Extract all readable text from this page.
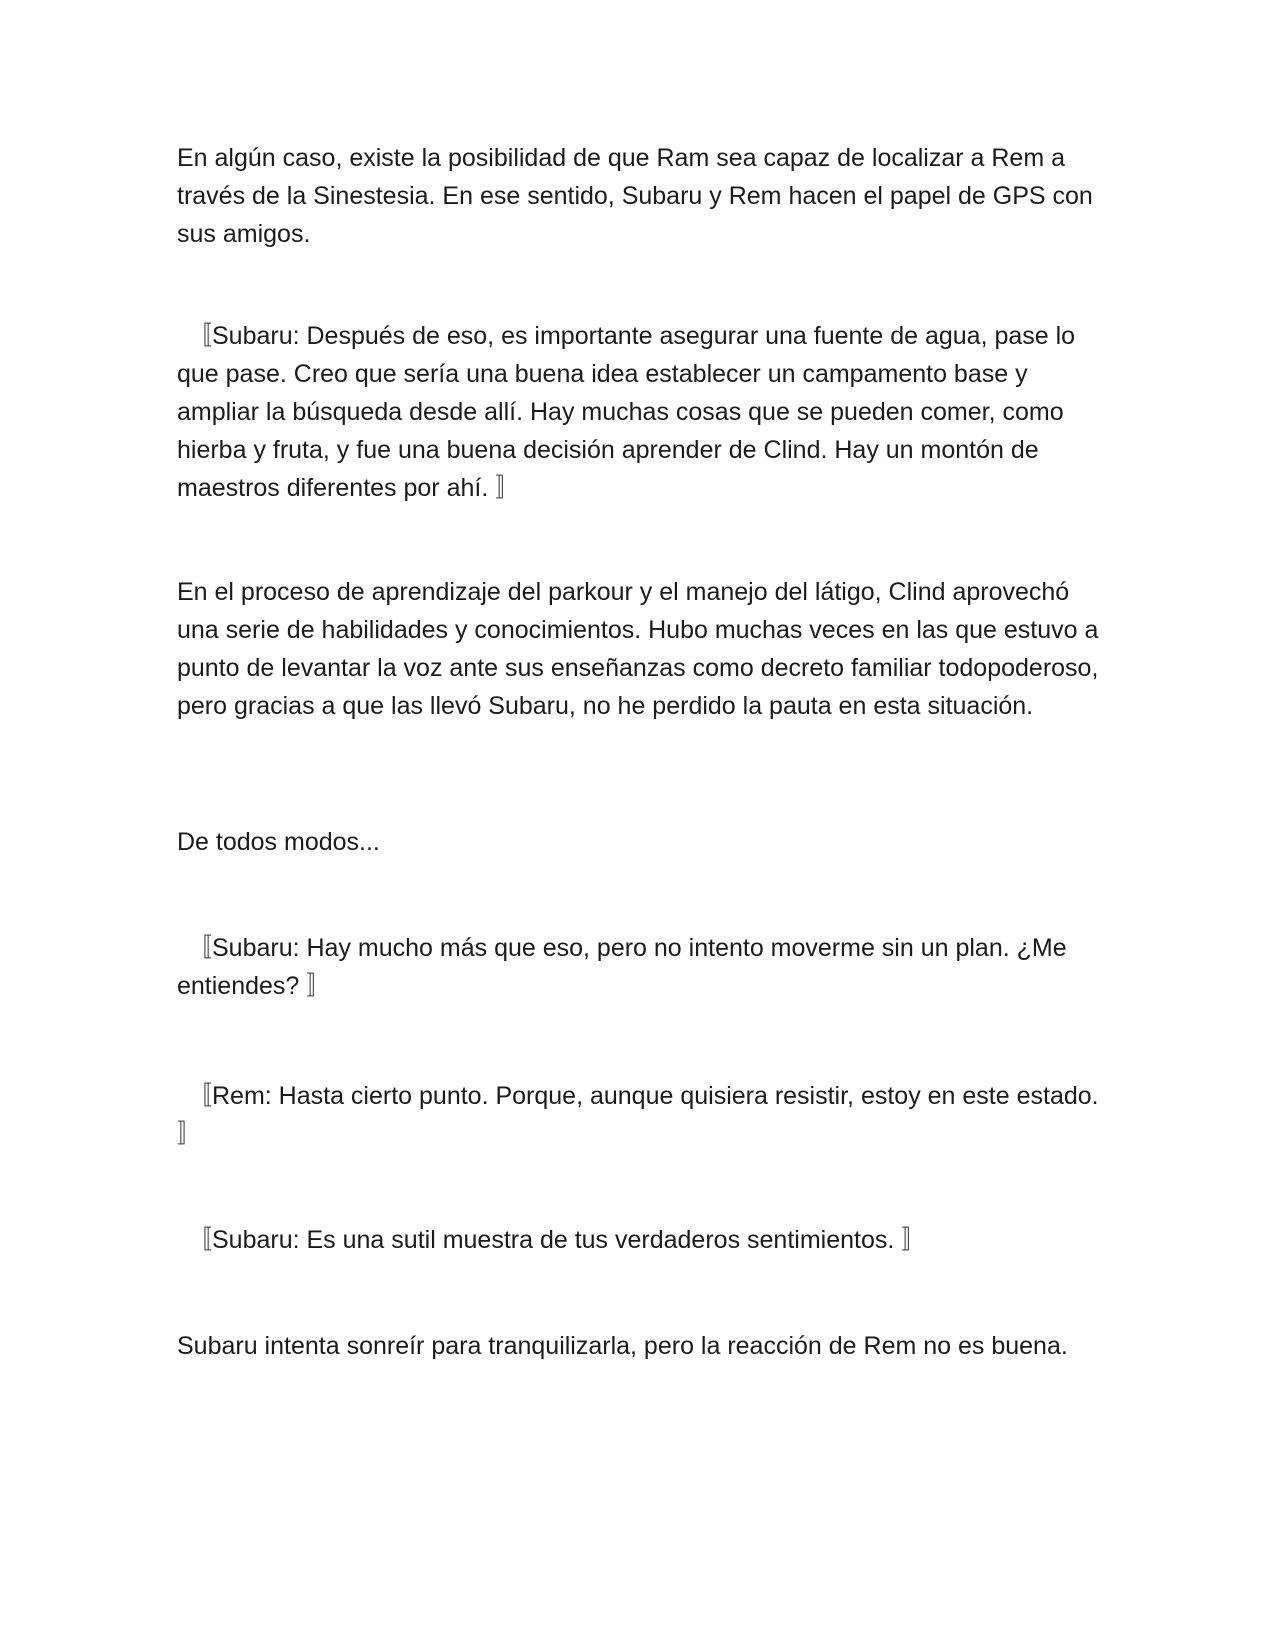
En algún caso, existe la posibilidad de que Ram sea capaz de localizar a Rem a través de la Sinestesia. En ese sentido, Subaru y Rem hacen el papel de GPS con sus amigos.

〚Subaru: Después de eso, es importante asegurar una fuente de agua, pase lo que pase. Creo que sería una buena idea establecer un campamento base y ampliar la búsqueda desde allí. Hay muchas cosas que se pueden comer, como hierba y fruta, y fue una buena decisión aprender de Clind. Hay un montón de maestros diferentes por ahí. 〛

En el proceso de aprendizaje del parkour y el manejo del látigo, Clind aprovechó una serie de habilidades y conocimientos. Hubo muchas veces en las que estuvo a punto de levantar la voz ante sus enseñanzas como decreto familiar todopoderoso, pero gracias a que las llevó Subaru, no he perdido la pauta en esta situación.

De todos modos...

〚Subaru: Hay mucho más que eso, pero no intento moverme sin un plan. ¿Me entiendes? 〛

〚Rem: Hasta cierto punto. Porque, aunque quisiera resistir, estoy en este estado. 〛

〚Subaru: Es una sutil muestra de tus verdaderos sentimientos. 〛

Subaru intenta sonreír para tranquilizarla, pero la reacción de Rem no es buena.
